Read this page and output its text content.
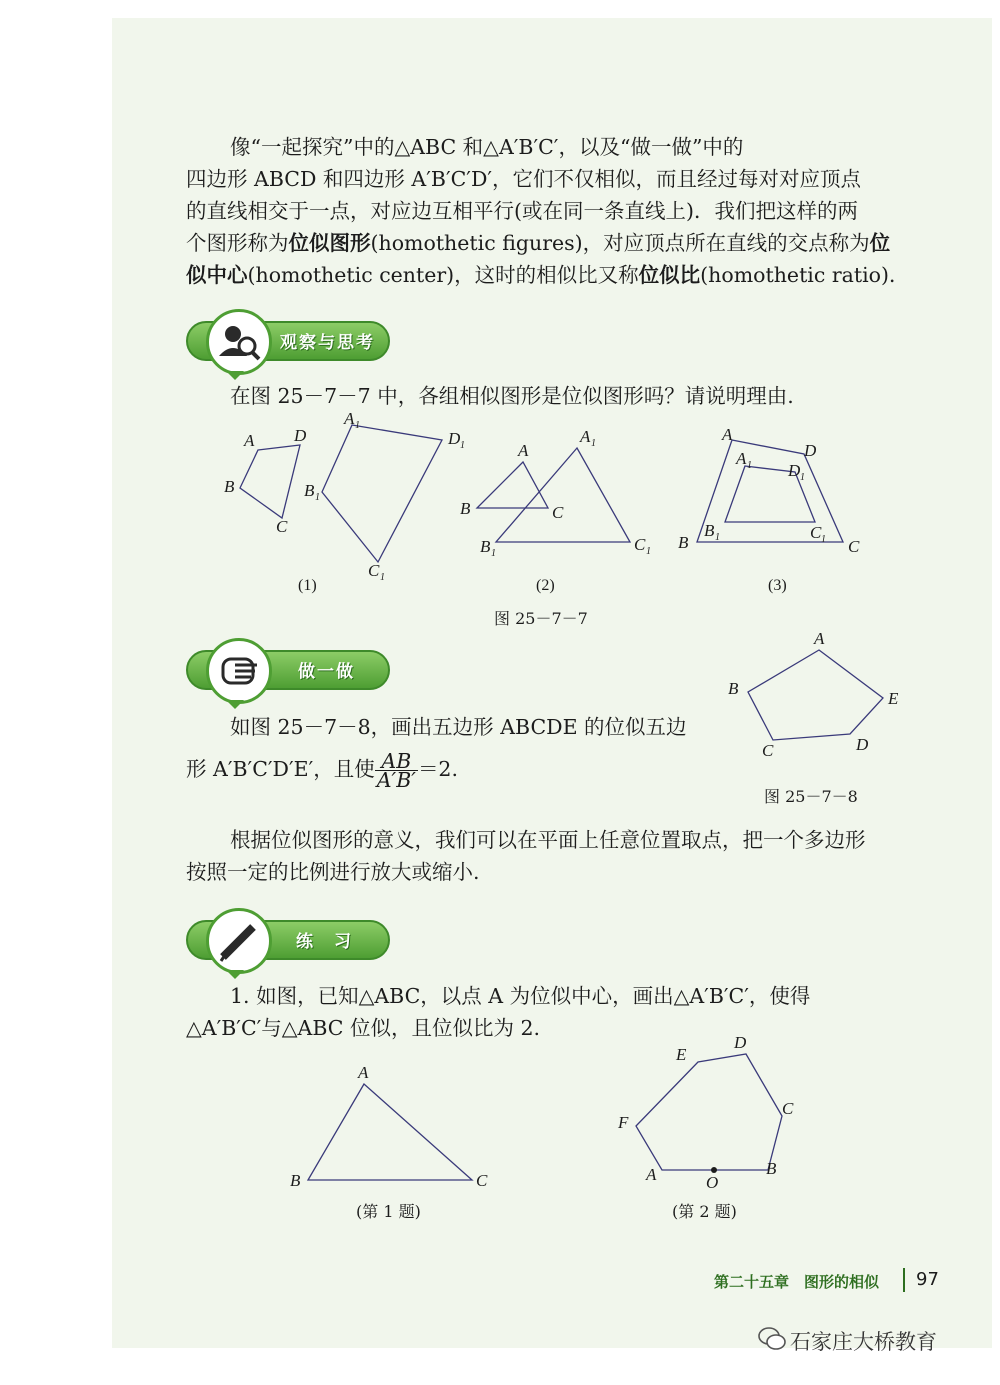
像“一起探究”中的△ABC 和△A′B′C′，以及“做一做”中的

四边形 ABCD 和四边形 A′B′C′D′，它们不仅相似，而且经过每对对应顶点

的直线相交于一点，对应边互相平行(或在同一条直线上)．我们把这样的两

个图形称为位似图形(homothetic figures)，对应顶点所在直线的交点称为位

似中心(homothetic center)，这时的相似比又称位似比(homothetic ratio)．

观察与思考

在图 25－7－7 中，各组相似图形是位似图形吗？请说明理由.

A D
B
C
A 1
D 1
B 1
C 1
(1)
A
B	C
A 1
B 1	C 1
(2)
A
D
B	C
A 1 D 1
B 1	C 1
(3)
图 25－7－7
做一做
A
B
C	D
E
图 25－7－8

如图 25－7－8，画出五边形 ABCDE 的位似五边

形 A′B′C′D′E′，且使 $\frac{AB}{A'B'} =2$.

根据位似图形的意义，我们可以在平面上任意位置取点，把一个多边形

按照一定的比例进行放大或缩小.

练　习

1. 如图，已知△ABC，以点 A 为位似中心，画出△A′B′C′，使得

△A′B′C′与△ABC 位似，且位似比为 2.

A
B	C
(第 1 题)
A	B
C
D
E
F
O
(第 2 题)
第二十五章　图形的相似 97
石家庄大桥教育
